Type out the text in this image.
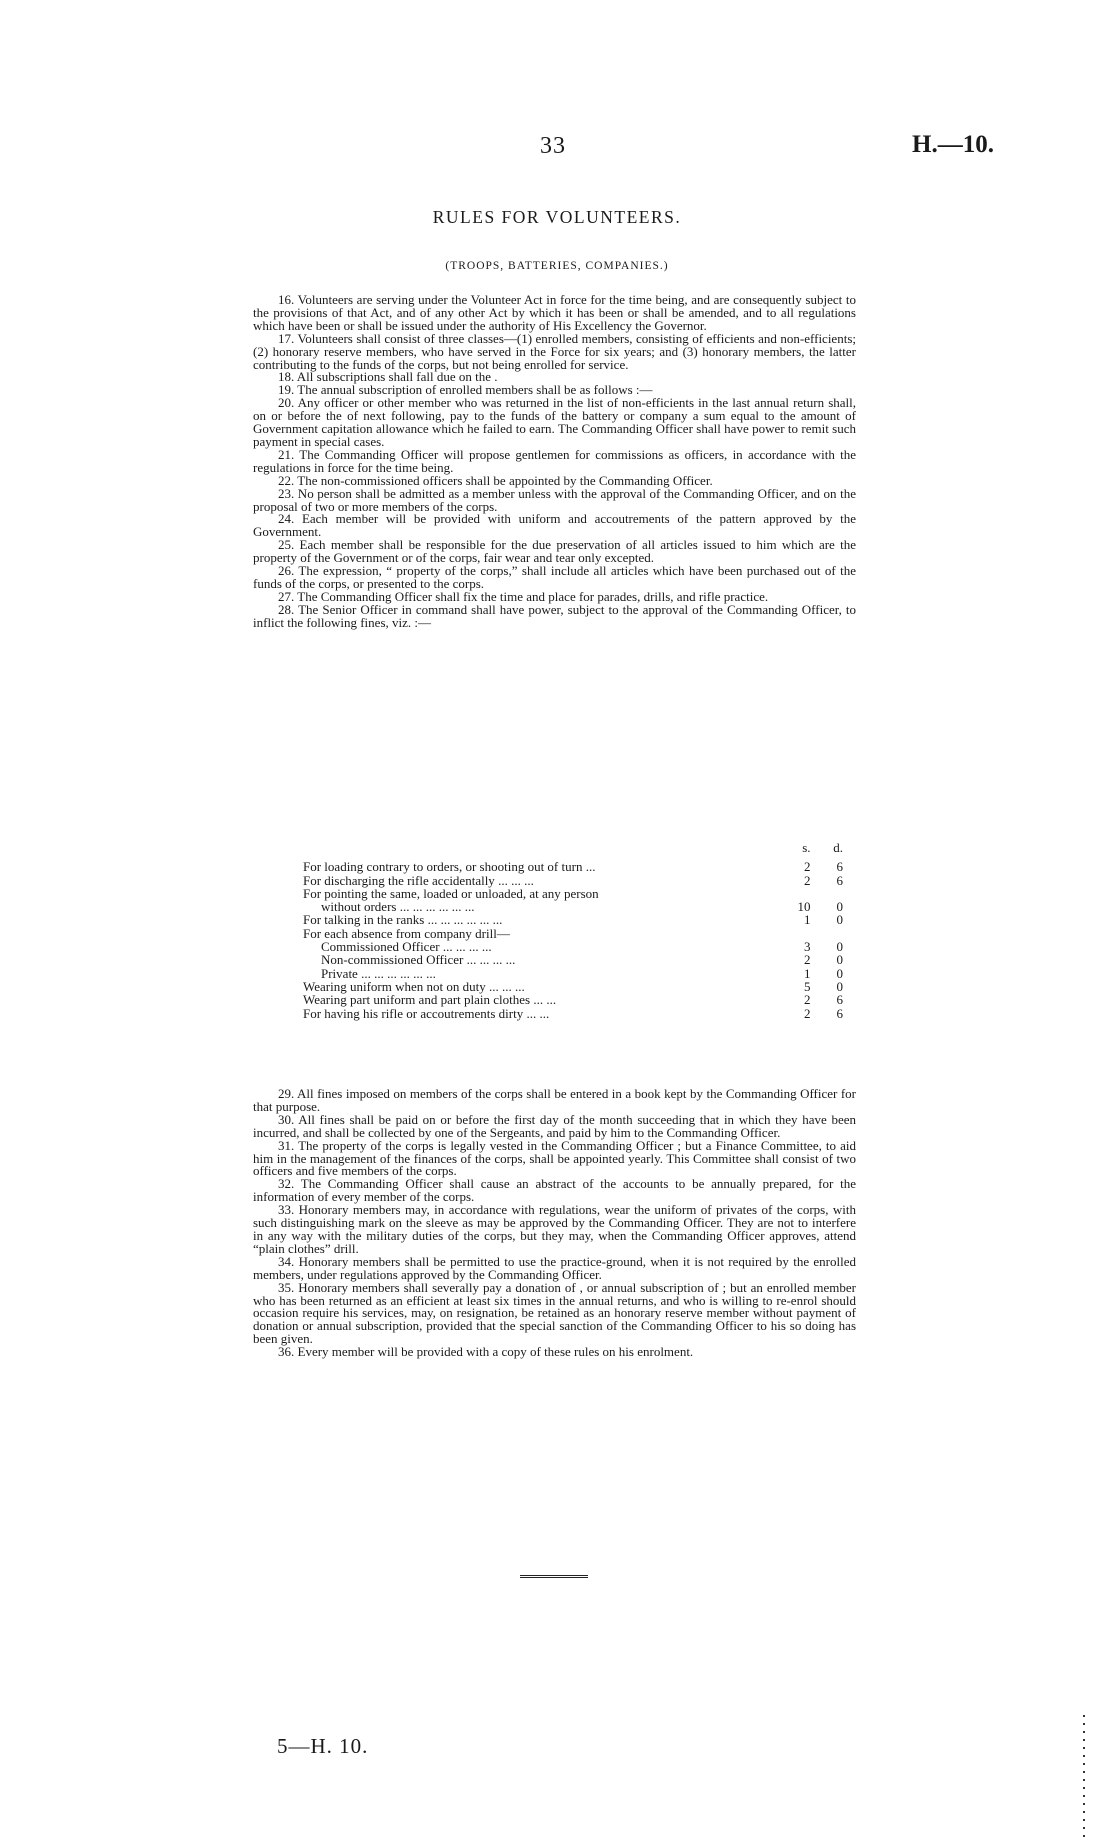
33	H.—10.
RULES FOR VOLUNTEERS.
(TROOPS, BATTERIES, COMPANIES.)

16. Volunteers are serving under the Volunteer Act in force for the time being, and are consequently subject to the provisions of that Act, and of any other Act by which it has been or shall be amended, and to all regulations which have been or shall be issued under the authority of His Excellency the Governor.

17. Volunteers shall consist of three classes—(1) enrolled members, consisting of efficients and non-efficients; (2) honorary reserve members, who have served in the Force for six years; and (3) honorary members, the latter contributing to the funds of the corps, but not being enrolled for service.

18. All subscriptions shall fall due on the .

19. The annual subscription of enrolled members shall be as follows :—

20. Any officer or other member who was returned in the list of non-efficients in the last annual return shall, on or before the of next following, pay to the funds of the battery or company a sum equal to the amount of Government capitation allowance which he failed to earn. The Commanding Officer shall have power to remit such payment in special cases.

21. The Commanding Officer will propose gentlemen for commissions as officers, in accordance with the regulations in force for the time being.

22. The non-commissioned officers shall be appointed by the Commanding Officer.

23. No person shall be admitted as a member unless with the approval of the Commanding Officer, and on the proposal of two or more members of the corps.

24. Each member will be provided with uniform and accoutrements of the pattern approved by the Government.

25. Each member shall be responsible for the due preservation of all articles issued to him which are the property of the Government or of the corps, fair wear and tear only excepted.

26. The expression, “ property of the corps,” shall include all articles which have been purchased out of the funds of the corps, or presented to the corps.

27. The Commanding Officer shall fix the time and place for parades, drills, and rifle practice.

28. The Senior Officer in command shall have power, subject to the approval of the Commanding Officer, to inflict the following fines, viz. :—

	s.	d.
For loading contrary to orders, or shooting out of turn ...	2	6
For discharging the rifle accidentally ... ... ...	2	6
For pointing the same, loaded or unloaded, at any person		
without orders ... ... ... ... ... ...	10	0
For talking in the ranks ... ... ... ... ... ...	1	0
For each absence from company drill—		
Commissioned Officer ... ... ... ...	3	0
Non-commissioned Officer ... ... ... ...	2	0
Private ... ... ... ... ... ...	1	0
Wearing uniform when not on duty ... ... ...	5	0
Wearing part uniform and part plain clothes ... ...	2	6
For having his rifle or accoutrements dirty ... ...	2	6

29. All fines imposed on members of the corps shall be entered in a book kept by the Commanding Officer for that purpose.

30. All fines shall be paid on or before the first day of the month succeeding that in which they have been incurred, and shall be collected by one of the Sergeants, and paid by him to the Commanding Officer.

31. The property of the corps is legally vested in the Commanding Officer ; but a Finance Committee, to aid him in the management of the finances of the corps, shall be appointed yearly. This Committee shall consist of two officers and five members of the corps.

32. The Commanding Officer shall cause an abstract of the accounts to be annually prepared, for the information of every member of the corps.

33. Honorary members may, in accordance with regulations, wear the uniform of privates of the corps, with such distinguishing mark on the sleeve as may be approved by the Commanding Officer. They are not to interfere in any way with the military duties of the corps, but they may, when the Commanding Officer approves, attend “plain clothes” drill.

34. Honorary members shall be permitted to use the practice-ground, when it is not required by the enrolled members, under regulations approved by the Commanding Officer.

35. Honorary members shall severally pay a donation of , or annual subscription of ; but an enrolled member who has been returned as an efficient at least six times in the annual returns, and who is willing to re-enrol should occasion require his services, may, on resignation, be retained as an honorary reserve member without payment of donation or annual subscription, provided that the special sanction of the Commanding Officer to his so doing has been given.

36. Every member will be provided with a copy of these rules on his enrolment.

5—H. 10.
